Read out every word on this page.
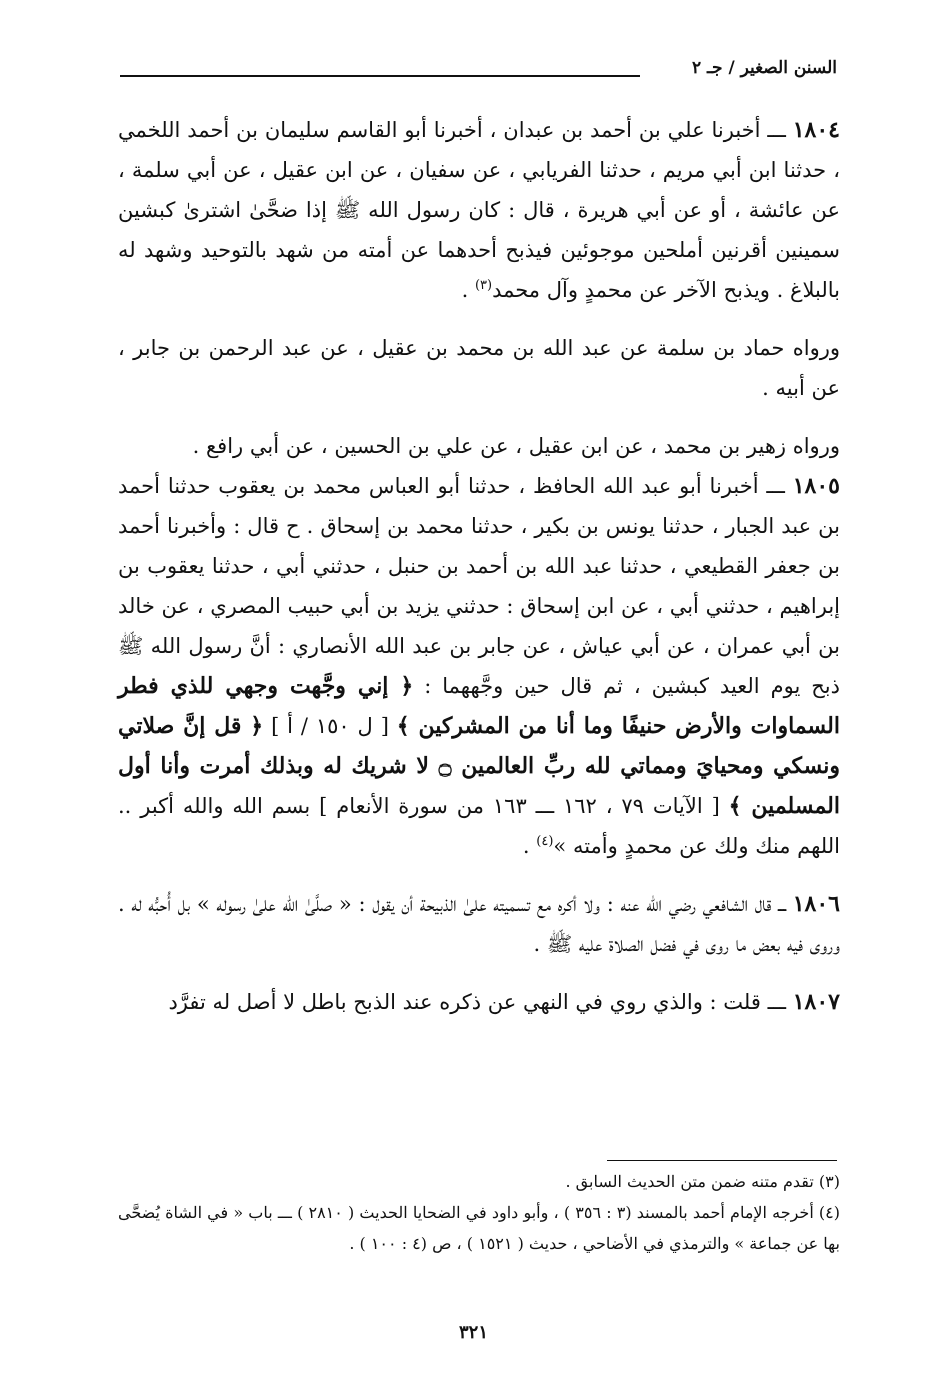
السنن الصغير / جـ ٢

١٨٠٤ ـــ أخبرنا علي بن أحمد بن عبدان ، أخبرنا أبو القاسم سليمان بن أحمد اللخمي ، حدثنا ابن أبي مريم ، حدثنا الفريابي ، عن سفيان ، عن ابن عقيل ، عن أبي سلمة ، عن عائشة ، أو عن أبي هريرة ، قال : كان رسول الله ﷺ إذا ضحَّىٰ اشترىٰ كبشين سمينين أقرنين أملحين موجوئين فيذبح أحدهما عن أمته من شهد بالتوحيد وشهد له بالبلاغ . ويذبح الآخر عن محمدٍ وآل محمد$^{(٣)}$ .

ورواه حماد بن سلمة عن عبد الله بن محمد بن عقيل ، عن عبد الرحمن بن جابر ، عن أبيه .

ورواه زهير بن محمد ، عن ابن عقيل ، عن علي بن الحسين ، عن أبي رافع .

١٨٠٥ ـــ أخبرنا أبو عبد الله الحافظ ، حدثنا أبو العباس محمد بن يعقوب حدثنا أحمد بن عبد الجبار ، حدثنا يونس بن بكير ، حدثنا محمد بن إسحاق . ح قال : وأخبرنا أحمد بن جعفر القطيعي ، حدثنا عبد الله بن أحمد بن حنبل ، حدثني أبي ، حدثنا يعقوب بن إبراهيم ، حدثني أبي ، عن ابن إسحاق : حدثني يزيد بن أبي حبيب المصري ، عن خالد بن أبي عمران ، عن أبي عياش ، عن جابر بن عبد الله الأنصاري : أنَّ رسول الله ﷺ ذبح يوم العيد كبشين ، ثم قال حين وجَّههما : ﴿ إني وجَّهت وجهي للذي فطر السماوات والأرض حنيفًا وما أنا من المشركين ﴾ [ ل ١٥٠ / أ ] ﴿ قل إنَّ صلاتي ونسكي ومحيايَ ومماتي لله ربِّ العالمين ۝ لا شريك له وبذلك أمرت وأنا أول المسلمين ﴾ [ الآيات ٧٩ ، ١٦٢ ـــ ١٦٣ من سورة الأنعام ] بسم الله والله أكبر .. اللهم منك ولك عن محمدٍ وأمته »$^{(٤)}$ .

١٨٠٦ ـــ قال الشافعي رضي الله عنه : ولا أكره مع تسميته علىٰ الذبيحة أن يقول : « صلَّىٰ الله علىٰ رسوله » بل أُحبُّه له . وروى فيه بعض ما روى في فضل الصلاة عليه ﷺ .

١٨٠٧ ـــ قلت : والذي روي في النهي عن ذكره عند الذبح باطل لا أصل له تفرَّد

(٣) تقدم متنه ضمن متن الحديث السابق .

(٤) أخرجه الإمام أحمد بالمسند (٣ : ٣٥٦ ) ، وأبو داود في الضحايا الحديث ( ٢٨١٠ ) ـــ باب « في الشاة يُضحَّى بها عن جماعة » والترمذي في الأضاحي ، حديث ( ١٥٢١ ) ، ص (٤ : ١٠٠ ) .

٣٢١
